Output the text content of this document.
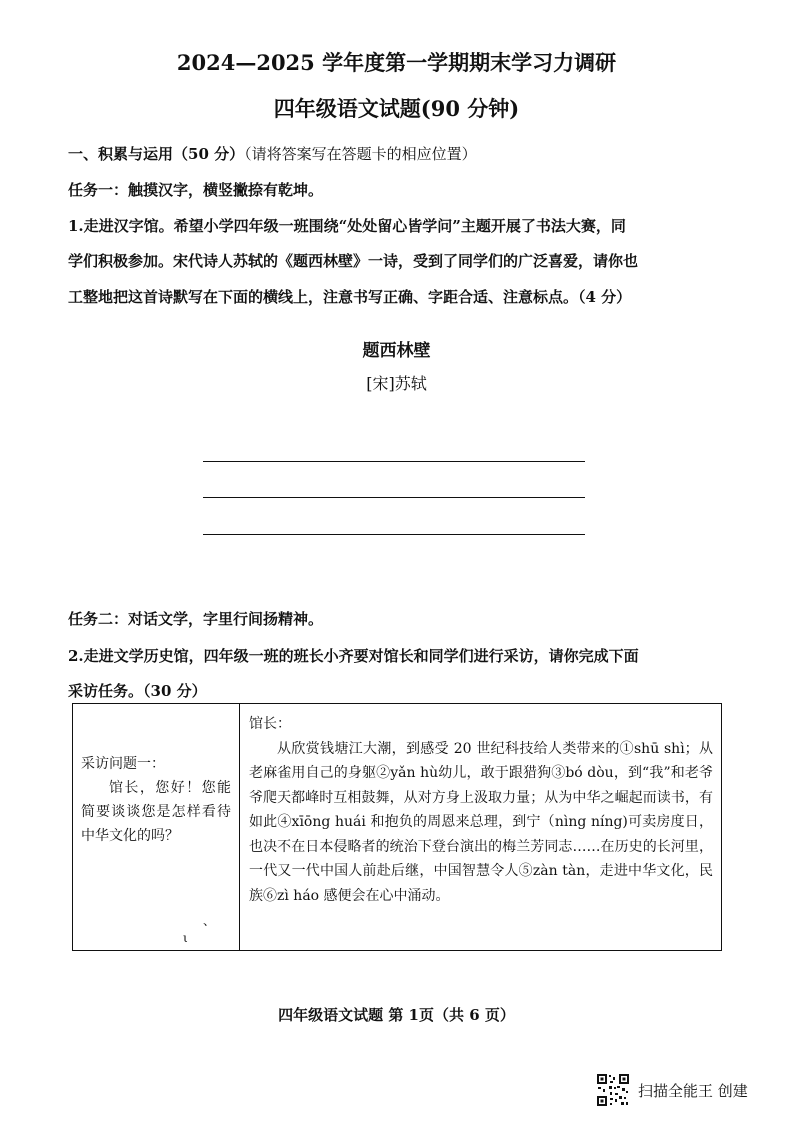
2024—2025 学年度第一学期期末学习力调研
四年级语文试题(90 分钟)
一、积累与运用（50 分）（请将答案写在答题卡的相应位置）
任务一：触摸汉字，横竖撇捺有乾坤。
1.走进汉字馆。希望小学四年级一班围绕“处处留心皆学问”主题开展了书法大赛，同
学们积极参加。宋代诗人苏轼的《题西林壁》一诗，受到了同学们的广泛喜爱，请你也
工整地把这首诗默写在下面的横线上，注意书写正确、字距合适、注意标点。（4 分）
题西林壁
[宋]苏轼
任务二：对话文学，字里行间扬精神。
2.走进文学历史馆，四年级一班的班长小齐要对馆长和同学们进行采访，请你完成下面
采访任务。（30 分）
采访问题一：
馆长，您好！您能简要谈谈您是怎样看待中华文化的吗？
、
ι

馆长：
从欣赏钱塘江大潮，到感受 20 世纪科技给人类带来的①shū shì；从老麻雀用自己的身躯②yǎn hù幼儿，敢于跟猎狗③bó dòu，到“我”和老爷爷爬天都峰时互相鼓舞，从对方身上汲取力量；从为中华之崛起而读书，有如此④xīōng huái 和抱负的周恩来总理，到宁（nìng níng)可卖房度日，也决不在日本侵略者的统治下登台演出的梅兰芳同志……在历史的长河里，一代又一代中国人前赴后继，中国智慧令人⑤zàn tàn，走进中华文化，民族⑥zì háo 感便会在心中涌动。
四年级语文试题 第 1页（共 6 页）
扫描全能王 创建
